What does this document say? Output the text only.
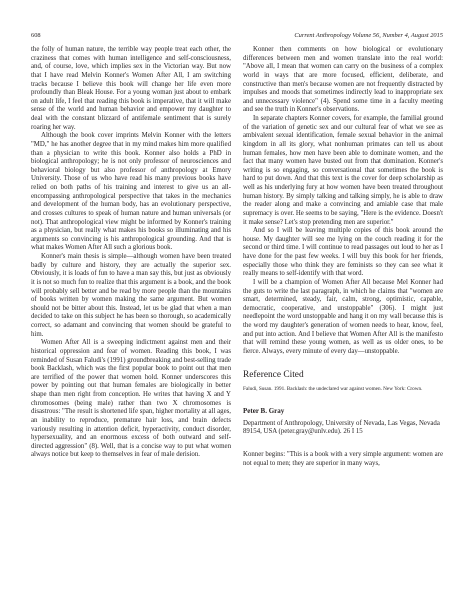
608	Current Anthropology Volume 56, Number 4, August 2015

the folly of human nature, the terrible way people treat each other, the craziness that comes with human intelligence and self-consciousness, and, of course, love, which implies sex in the Victorian way. But now that I have read Melvin Konner's Women After All, I am switching tracks because I believe this book will change her life even more profoundly than Bleak House. For a young woman just about to embark on adult life, I feel that reading this book is imperative, that it will make sense of the world and human behavior and empower my daughter to deal with the constant blizzard of antifemale sentiment that is surely roaring her way.

Although the book cover imprints Melvin Konner with the letters "MD," he has another degree that in my mind makes him more qualified than a physician to write this book. Konner also holds a PhD in biological anthropology; he is not only professor of neurosciences and behavioral biology but also professor of anthropology at Emory University. Those of us who have read his many previous books have relied on both paths of his training and interest to give us an all-encompassing anthropological perspective that takes in the mechanics and development of the human body, has an evolutionary perspective, and crosses cultures to speak of human nature and human universals (or not). That anthropological view might be informed by Konner's training as a physician, but really what makes his books so illuminating and his arguments so convincing is his anthropological grounding. And that is what makes Women After All such a glorious book.

Konner's main thesis is simple—although women have been treated badly by culture and history, they are actually the superior sex. Obviously, it is loads of fun to have a man say this, but just as obviously it is not so much fun to realize that this argument is a book, and the book will probably sell better and be read by more people than the mountains of books written by women making the same argument. But women should not be bitter about this. Instead, let us be glad that when a man decided to take on this subject he has been so thorough, so academically correct, so adamant and convincing that women should be grateful to him.

Women After All is a sweeping indictment against men and their historical oppression and fear of women. Reading this book, I was reminded of Susan Faludi's (1991) groundbreaking and best-selling trade book Backlash, which was the first popular book to point out that men are terrified of the power that women hold. Konner underscores this power by pointing out that human females are biologically in better shape than men right from conception. He writes that having X and Y chromosomes (being male) rather than two X chromosomes is disastrous: "The result is shortened life span, higher mortality at all ages, an inability to reproduce, premature hair loss, and brain defects variously resulting in attention deficit, hyperactivity, conduct disorder, hypersexuality, and an enormous excess of both outward and self-directed aggression" (8). Well, that is a concise way to put what women always notice but keep to themselves in fear of male derision.

Konner then comments on how biological or evolutionary differences between men and women translate into the real world: "Above all, I mean that women can carry on the business of a complex world in ways that are more focused, efficient, deliberate, and constructive than men's because women are not frequently distracted by impulses and moods that sometimes indirectly lead to inappropriate sex and unnecessary violence" (4). Spend some time in a faculty meeting and see the truth in Konner's observations.

In separate chapters Konner covers, for example, the familial ground of the variation of genetic sex and our cultural fear of what we see as ambivalent sexual identification, female sexual behavior in the animal kingdom in all its glory, what nonhuman primates can tell us about human females, how men have been able to dominate women, and the fact that many women have busted out from that domination. Konner's writing is so engaging, so conversational that sometimes the book is hard to put down. And that this text is the cover for deep scholarship as well as his underlying fury at how women have been treated throughout human history. By simply talking and talking simply, he is able to draw the reader along and make a convincing and amiable case that male supremacy is over. He seems to be saying, "Here is the evidence. Doesn't it make sense? Let's stop pretending men are superior."

And so I will be leaving multiple copies of this book around the house. My daughter will see me lying on the couch reading it for the second or third time. I will continue to read passages out loud to her as I have done for the past few weeks. I will buy this book for her friends, especially those who think they are feminists so they can see what it really means to self-identify with that word.

I will be a champion of Women After All because Mel Konner had the guts to write the last paragraph, in which he claims that "women are smart, determined, steady, fair, calm, strong, optimistic, capable, democratic, cooperative, and unstoppable" (306). I might just needlepoint the word unstoppable and hang it on my wall because this is the word my daughter's generation of women needs to hear, know, feel, and put into action. And I believe that Women After All is the manifesto that will remind these young women, as well as us older ones, to be fierce. Always, every minute of every day—unstoppable.

Reference Cited
Faludi, Susan. 1991. Backlash: the undeclared war against women. New York: Crown.
Peter B. Gray
Department of Anthropology, University of Nevada, Las Vegas, Nevada 89154, USA (peter.gray@unlv.edu). 26 I 15

Konner begins: "This is a book with a very simple argument: women are not equal to men; they are superior in many ways,
